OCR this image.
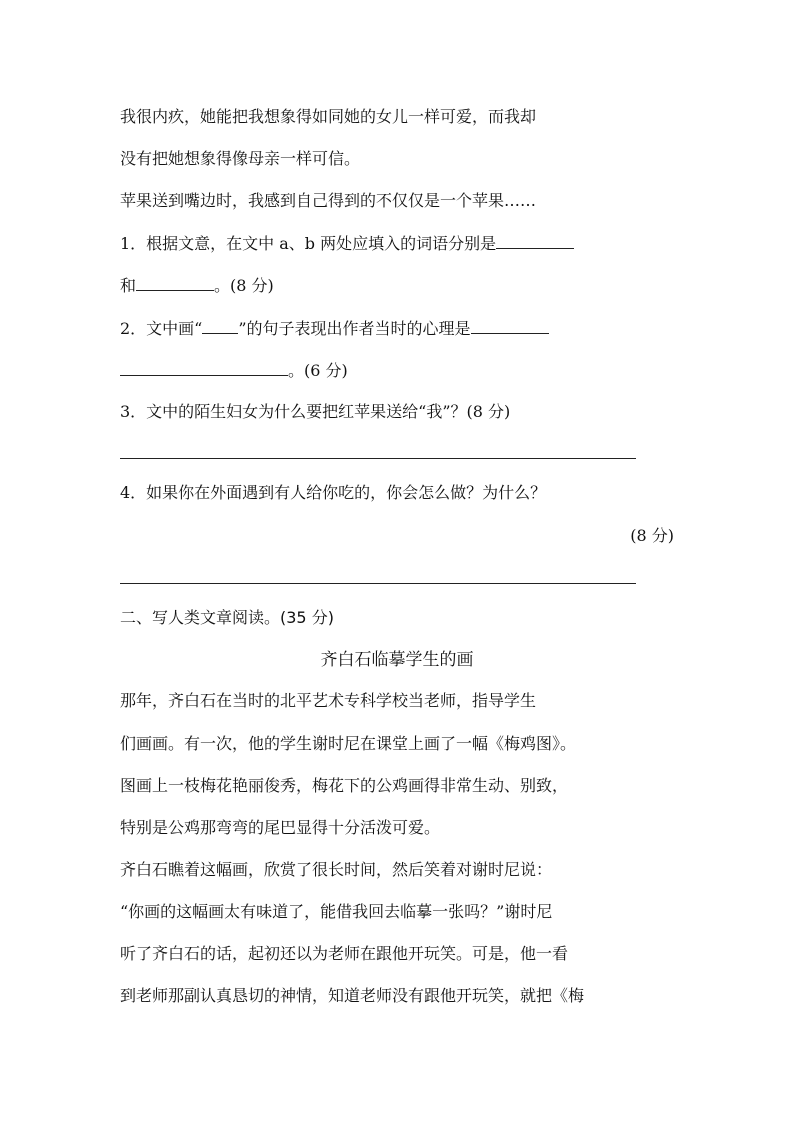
我很内疚，她能把我想象得如同她的女儿一样可爱，而我却
没有把她想象得像母亲一样可信。
苹果送到嘴边时，我感到自己得到的不仅仅是一个苹果……
1．根据文意，在文中 a、b 两处应填入的词语分别是
和	。(8 分)
2．文中画“ ”的句子表现出作者当时的心理是
。(6 分)
3．文中的陌生妇女为什么要把红苹果送给“我”？(8 分)
4．如果你在外面遇到有人给你吃的，你会怎么做？为什么？
(8 分)
二、写人类文章阅读。(35 分)
齐白石临摹学生的画
那年，齐白石在当时的北平艺术专科学校当老师，指导学生
们画画。有一次，他的学生谢时尼在课堂上画了一幅《梅鸡图》。
图画上一枝梅花艳丽俊秀，梅花下的公鸡画得非常生动、别致，
特别是公鸡那弯弯的尾巴显得十分活泼可爱。
齐白石瞧着这幅画，欣赏了很长时间，然后笑着对谢时尼说：
“你画的这幅画太有味道了，能借我回去临摹一张吗？”谢时尼
听了齐白石的话，起初还以为老师在跟他开玩笑。可是，他一看
到老师那副认真恳切的神情，知道老师没有跟他开玩笑，就把《梅
